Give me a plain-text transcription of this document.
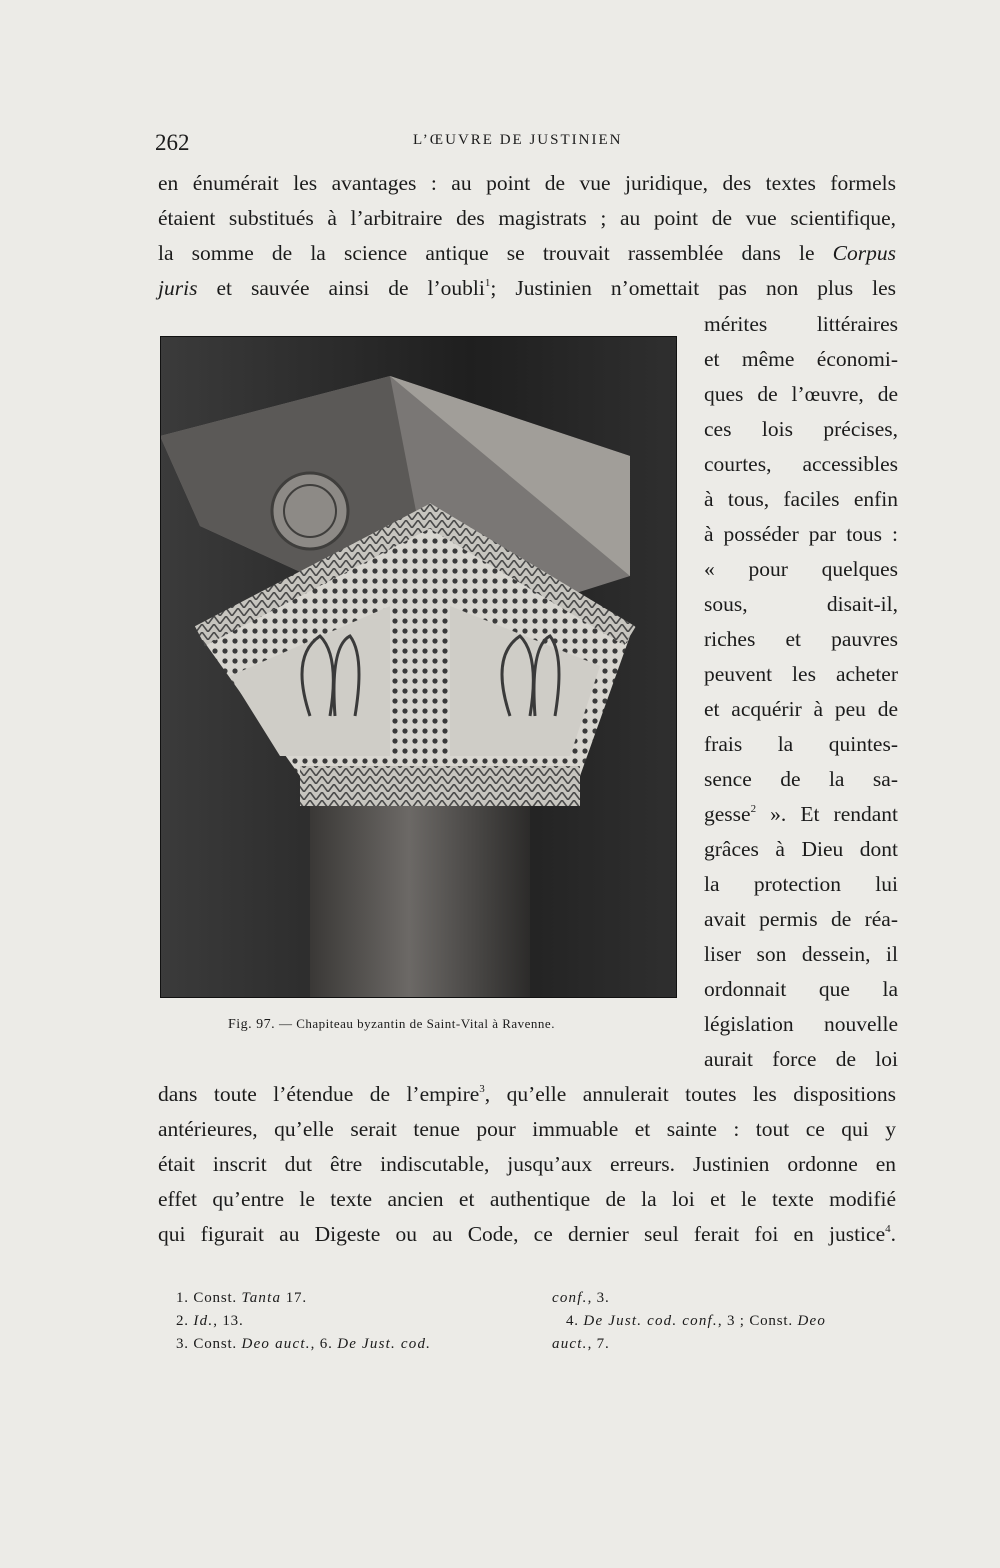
262	L’ŒUVRE DE JUSTINIEN
en énumérait les avantages : au point de vue juridique, des textes formels
étaient substitués à l’arbitraire des magistrats ; au point de vue scientifique,
la somme de la science antique se trouvait rassemblée dans le Corpus
juris et sauvée ainsi de l’oubli$^1$; Justinien n’omettait pas non plus les
mérites littéraires
et même économi-
ques de l’œuvre, de
ces lois précises,
courtes, accessibles
à tous, faciles enfin
à posséder par tous :
« pour quelques
sous, disait-il,
riches et pauvres
peuvent les acheter
et acquérir à peu de
frais la quintes-
sence de la sa-
gesse$^2$ ». Et rendant
grâces à Dieu dont
la protection lui
avait permis de réa-
liser son dessein, il
ordonnait que la
législation nouvelle
aurait force de loi
Fig. 97. — Chapiteau byzantin de Saint-Vital à Ravenne.
dans toute l’étendue de l’empire$^3$, qu’elle annulerait toutes les dispositions
antérieures, qu’elle serait tenue pour immuable et sainte : tout ce qui y
était inscrit dut être indiscutable, jusqu’aux erreurs. Justinien ordonne en
effet qu’entre le texte ancien et authentique de la loi et le texte modifié
qui figurait au Digeste ou au Code, ce dernier seul ferait foi en justice$^4$.
1. Const. Tanta 17.
2. Id., 13.
3. Const. Deo auct., 6. De Just. cod.
conf., 3.
4. De Just. cod. conf., 3 ; Const. Deo
auct., 7.
